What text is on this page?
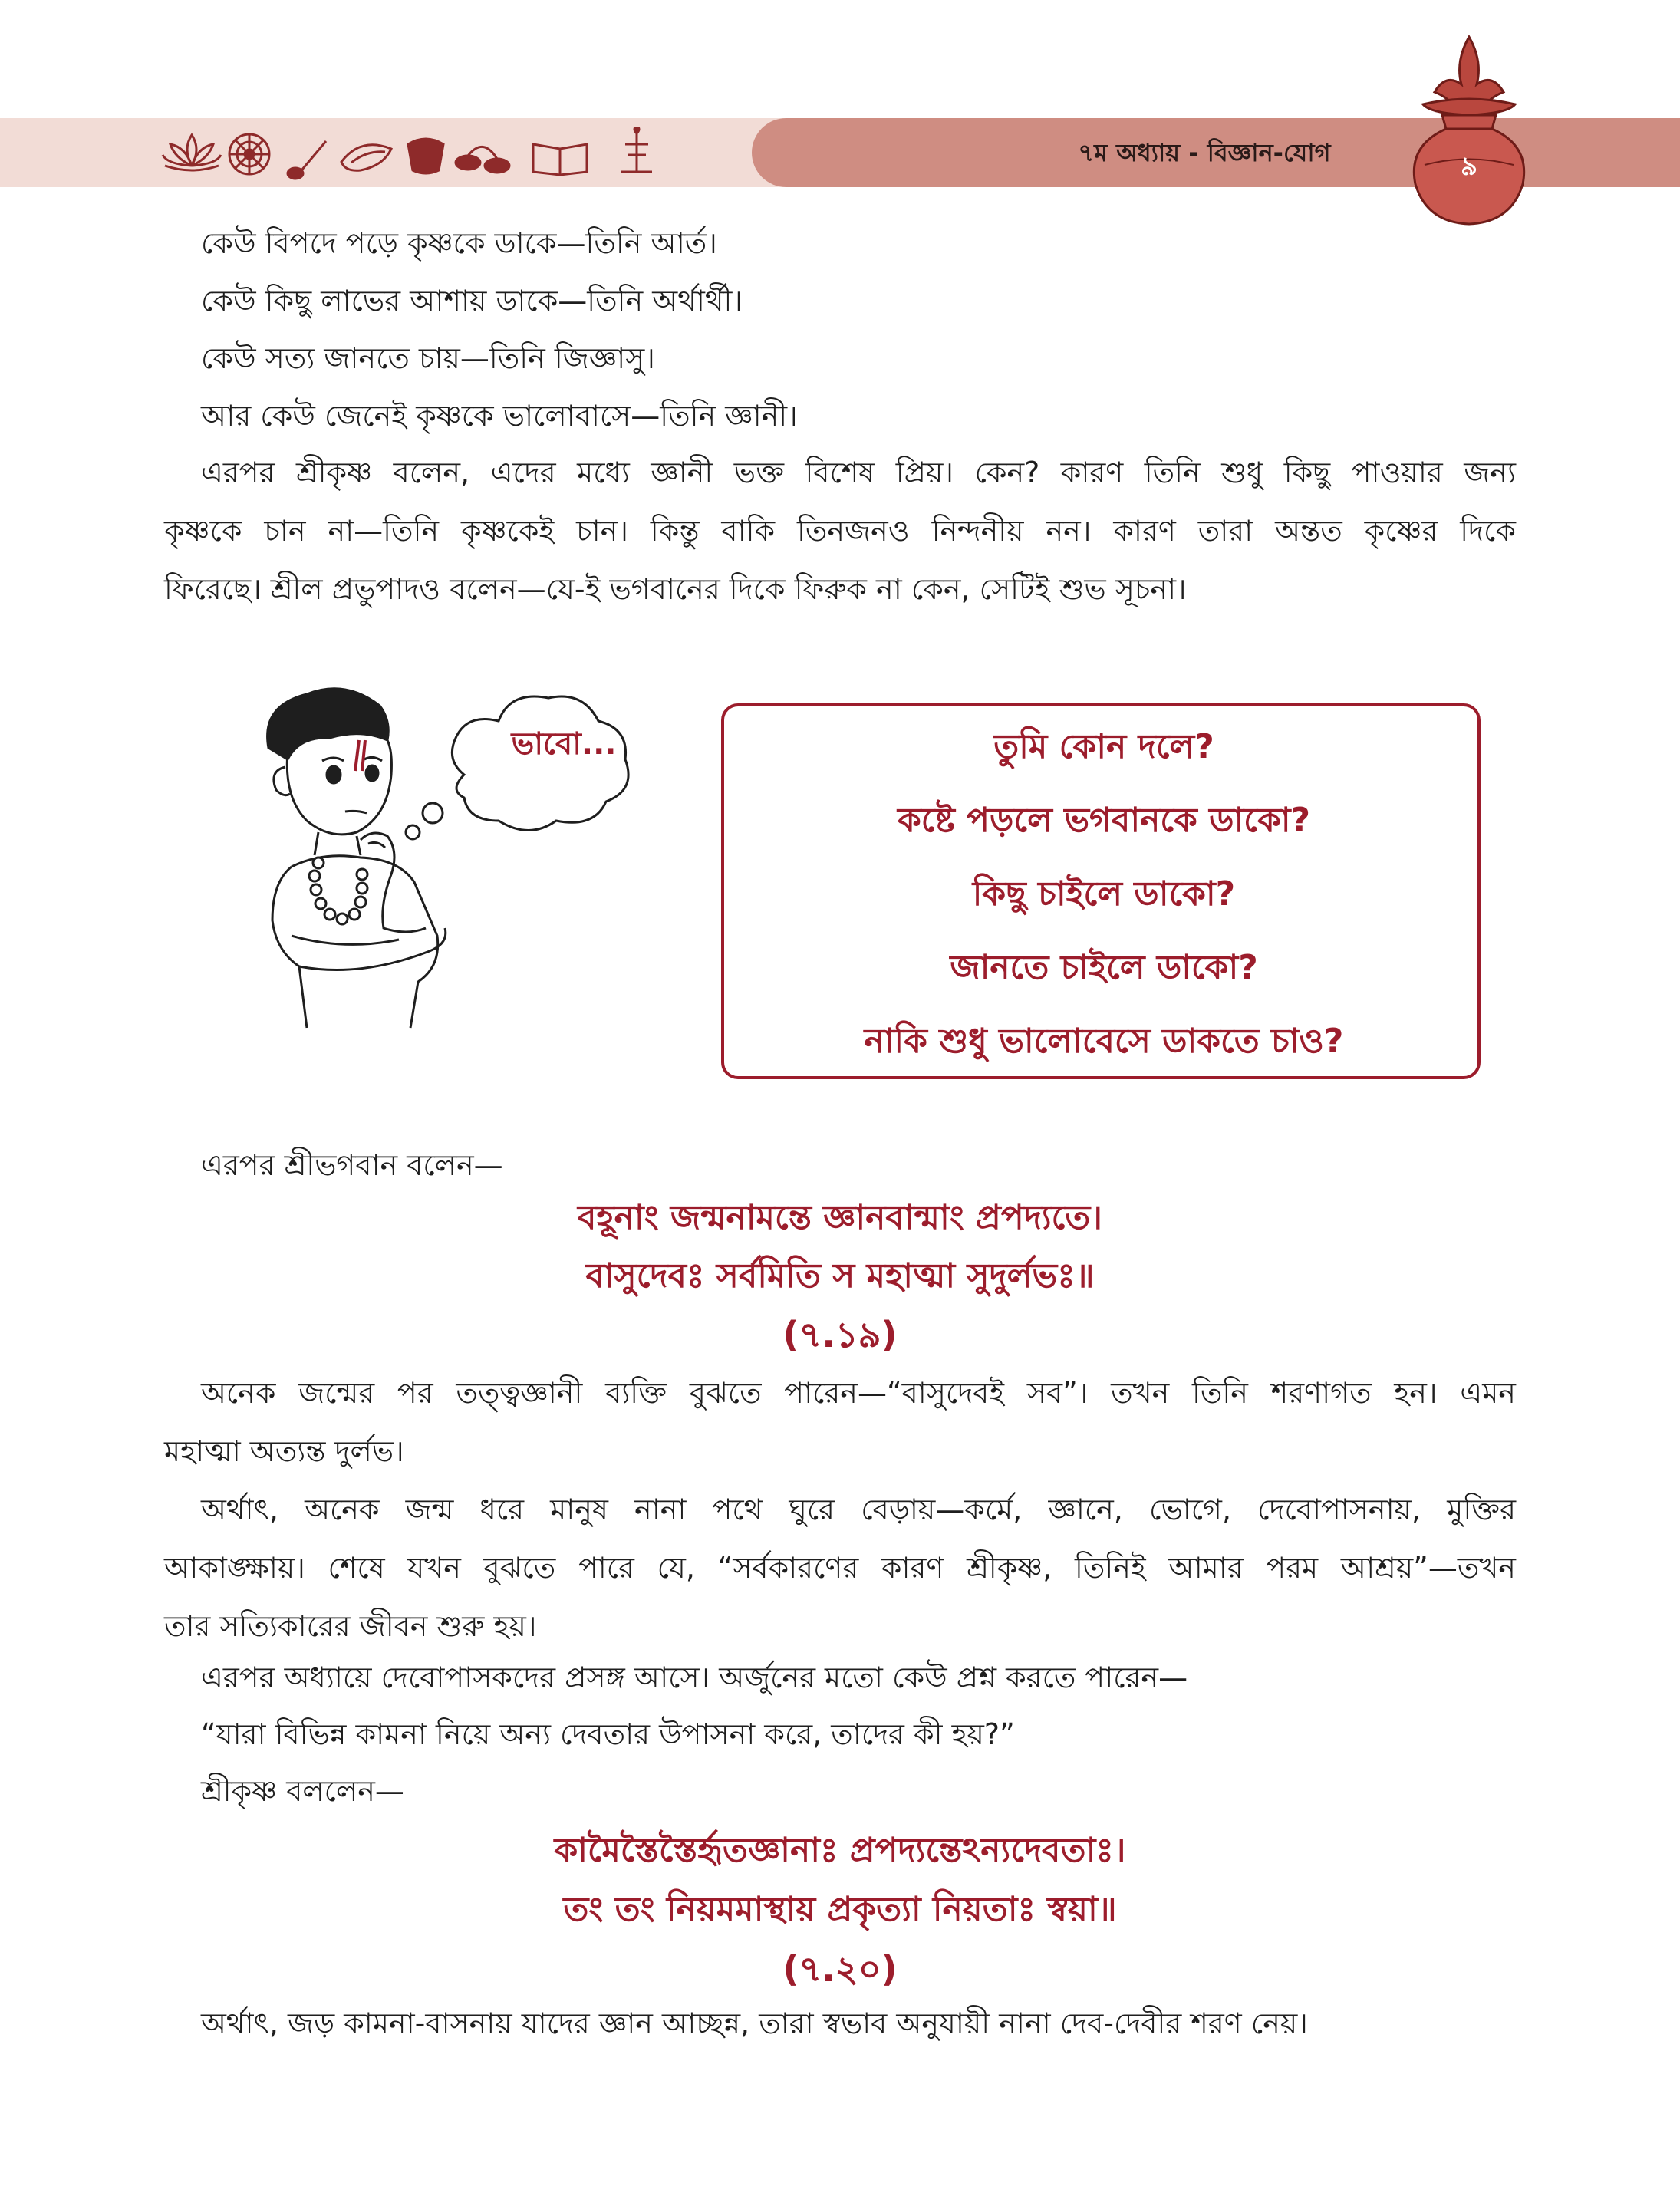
৭ম অধ্যায় - বিজ্ঞান-যোগ	৯

কেউ বিপদে পড়ে কৃষ্ণকে ডাকে—তিনি আর্ত।

কেউ কিছু লাভের আশায় ডাকে—তিনি অর্থার্থী।

কেউ সত্য জানতে চায়—তিনি জিজ্ঞাসু।

আর কেউ জেনেই কৃষ্ণকে ভালোবাসে—তিনি জ্ঞানী।

এরপর শ্রীকৃষ্ণ বলেন, এদের মধ্যে জ্ঞানী ভক্ত বিশেষ প্রিয়। কেন? কারণ তিনি শুধু কিছু পাওয়ার জন্য

কৃষ্ণকে চান না—তিনি কৃষ্ণকেই চান। কিন্তু বাকি তিনজনও নিন্দনীয় নন। কারণ তারা অন্তত কৃষ্ণের দিকে

ফিরেছে। শ্রীল প্রভুপাদও বলেন—যে-ই ভগবানের দিকে ফিরুক না কেন, সেটিই শুভ সূচনা।

ভাবো...	তুমি কোন দলে?

কষ্টে পড়লে ভগবানকে ডাকো?

কিছু চাইলে ডাকো?

জানতে চাইলে ডাকো?

নাকি শুধু ভালোবেসে ডাকতে চাও?

এরপর শ্রীভগবান বলেন—

বহূনাং জন্মনামন্তে জ্ঞানবান্মাং প্রপদ্যতে।

বাসুদেবঃ সর্বমিতি স মহাত্মা সুদুর্লভঃ॥

(৭.১৯)

অনেক জন্মের পর তত্ত্বজ্ঞানী ব্যক্তি বুঝতে পারেন—“বাসুদেবই সব”। তখন তিনি শরণাগত হন। এমন

মহাত্মা অত্যন্ত দুর্লভ।

অর্থাৎ, অনেক জন্ম ধরে মানুষ নানা পথে ঘুরে বেড়ায়—কর্মে, জ্ঞানে, ভোগে, দেবোপাসনায়, মুক্তির

আকাঙ্ক্ষায়। শেষে যখন বুঝতে পারে যে, “সর্বকারণের কারণ শ্রীকৃষ্ণ, তিনিই আমার পরম আশ্রয়”—তখন

তার সত্যিকারের জীবন শুরু হয়।

এরপর অধ্যায়ে দেবোপাসকদের প্রসঙ্গ আসে। অর্জুনের মতো কেউ প্রশ্ন করতে পারেন—

“যারা বিভিন্ন কামনা নিয়ে অন্য দেবতার উপাসনা করে, তাদের কী হয়?”

শ্রীকৃষ্ণ বললেন—

কামৈস্তৈস্তৈর্হৃতজ্ঞানাঃ প্রপদ্যন্তেঽন্যদেবতাঃ।

তং তং নিয়মমাস্থায় প্রকৃত্যা নিয়তাঃ স্বয়া॥

(৭.২০)

অর্থাৎ, জড় কামনা-বাসনায় যাদের জ্ঞান আচ্ছন্ন, তারা স্বভাব অনুযায়ী নানা দেব-দেবীর শরণ নেয়।
